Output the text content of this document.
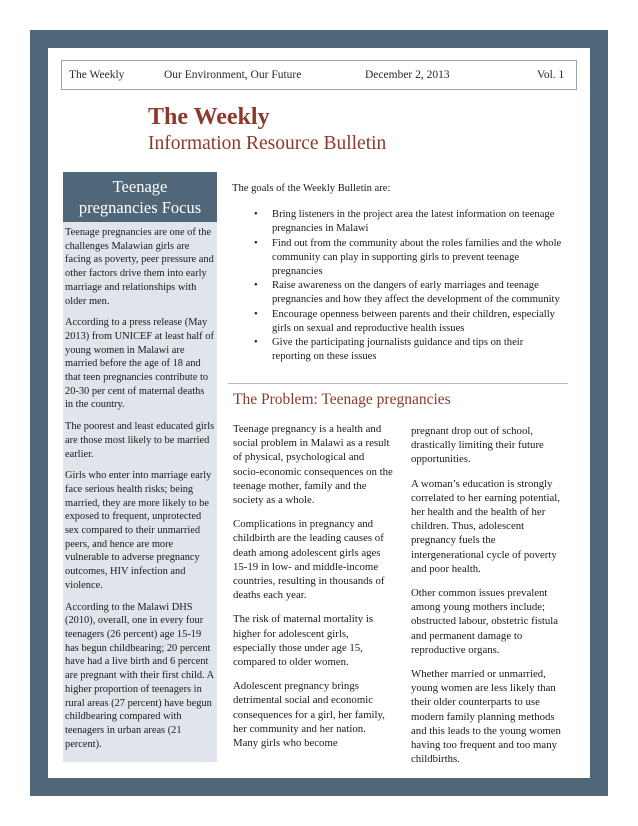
The Weekly	Our Environment, Our Future	December 2, 2013	Vol. 1
The Weekly
Information Resource Bulletin
Teenage
pregnancies Focus

Teenage pregnancies are one of the challenges Malawian girls are facing as poverty, peer pressure and other factors drive them into early marriage and relationships with older men.

According to a press release (May 2013) from UNICEF at least half of young women in Malawi are married before the age of 18 and that teen pregnancies contribute to 20-30 per cent of maternal deaths in the country.

The poorest and least educated girls are those most likely to be married earlier.

Girls who enter into marriage early face serious health risks; being married, they are more likely to be exposed to frequent, unprotected sex compared to their unmarried peers, and hence are more vulnerable to adverse pregnancy outcomes, HIV infection and violence.

According to the Malawi DHS (2010), overall, one in every four teenagers (26 percent) age 15-19 has begun childbearing; 20 percent have had a live birth and 6 percent are pregnant with their first child. A higher proportion of teenagers in rural areas (27 percent) have begun childbearing compared with teenagers in urban areas (21 percent).

The goals of the Weekly Bulletin are:

• Bring listeners in the project area the latest information on teenage pregnancies in Malawi
• Find out from the community about the roles families and the whole community can play in supporting girls to prevent teenage pregnancies
• Raise awareness on the dangers of early marriages and teenage pregnancies and how they affect the development of the community
• Encourage openness between parents and their children, especially girls on sexual and reproductive health issues
• Give the participating journalists guidance and tips on their reporting on these issues
The Problem: Teenage pregnancies

Teenage pregnancy is a health and social problem in Malawi as a result of physical, psychological and socio-economic consequences on the teenage mother, family and the society as a whole.

Complications in pregnancy and childbirth are the leading causes of death among adolescent girls ages 15-19 in low- and middle-income countries, resulting in thousands of deaths each year.

The risk of maternal mortality is higher for adolescent girls, especially those under age 15, compared to older women.

Adolescent pregnancy brings detrimental social and economic consequences for a girl, her family, her community and her nation. Many girls who become

pregnant drop out of school, drastically limiting their future opportunities.

A woman’s education is strongly correlated to her earning potential, her health and the health of her children. Thus, adolescent pregnancy fuels the intergenerational cycle of poverty and poor health.

Other common issues prevalent among young mothers include; obstructed labour, obstetric fistula and permanent damage to reproductive organs.

Whether married or unmarried, young women are less likely than their older counterparts to use modern family planning methods and this leads to the young women having too frequent and too many childbirths.
